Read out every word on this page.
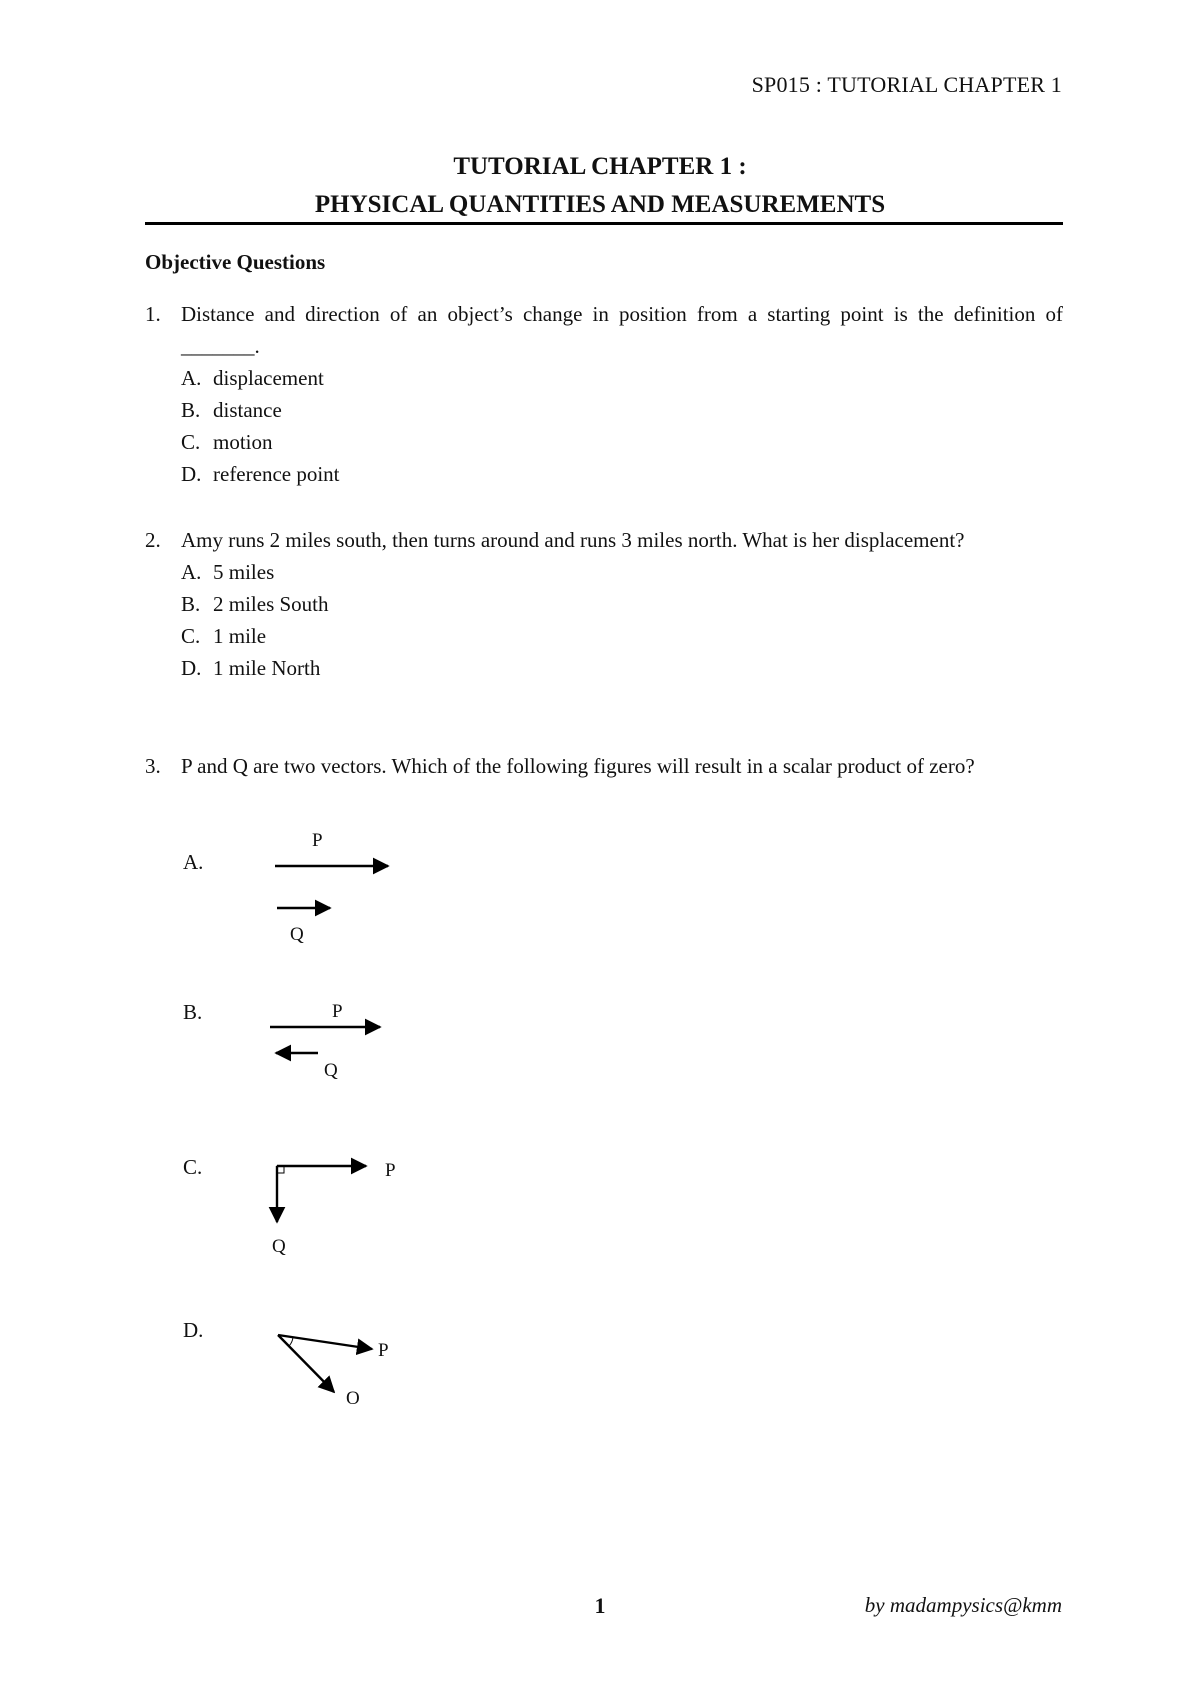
SP015 : TUTORIAL CHAPTER 1
TUTORIAL CHAPTER 1 :
PHYSICAL QUANTITIES AND MEASUREMENTS
Objective Questions
1. Distance and direction of an object’s change in position from a starting point is the definition of _______.
A. displacement
B. distance
C. motion
D. reference point
2. Amy runs 2 miles south, then turns around and runs 3 miles north. What is her displacement?
A. 5 miles
B. 2 miles South
C. 1 mile
D. 1 mile North
3. P and Q are two vectors. Which of the following figures will result in a scalar product of zero?
A.
B.
C.
D.
P
Q
P
Q
P
Q
P
O
1	by madampysics@kmm
